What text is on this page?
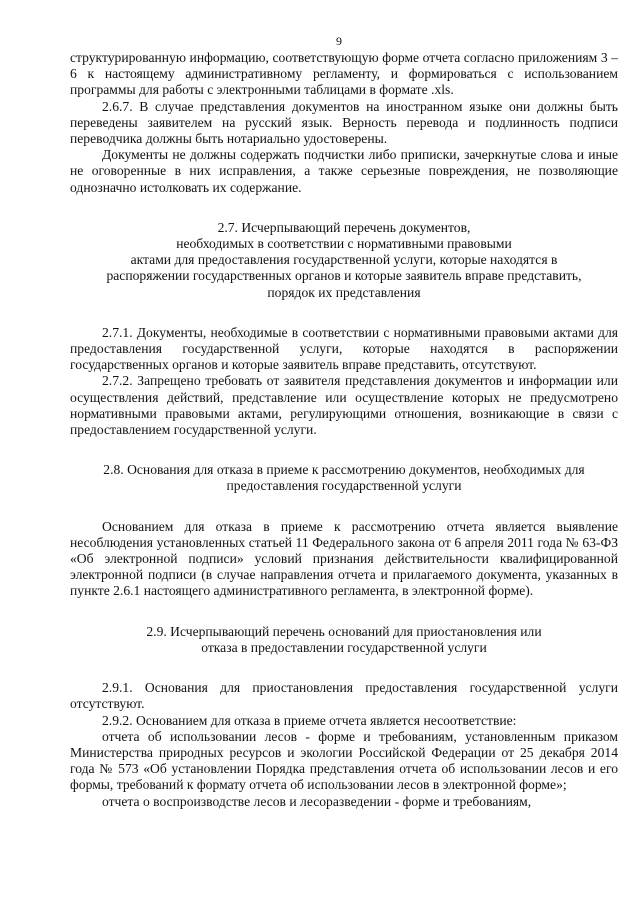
9

структурированную информацию, соответствующую форме отчета согласно приложениям 3 – 6 к настоящему административному регламенту, и формироваться с использованием программы для работы с электронными таблицами в формате .xls.

2.6.7. В случае представления документов на иностранном языке они должны быть переведены заявителем на русский язык. Верность перевода и подлинность подписи переводчика должны быть нотариально удостоверены.

Документы не должны содержать подчистки либо приписки, зачеркнутые слова и иные не оговоренные в них исправления, а также серьезные повреждения, не позволяющие однозначно истолковать их содержание.

2.7. Исчерпывающий перечень документов,

необходимых в соответствии с нормативными правовыми

актами для предоставления государственной услуги, которые находятся в

распоряжении государственных органов и которые заявитель вправе представить,

порядок их представления

2.7.1. Документы, необходимые в соответствии с нормативными правовыми актами для предоставления государственной услуги, которые находятся в распоряжении государственных органов и которые заявитель вправе представить, отсутствуют.

2.7.2. Запрещено требовать от заявителя представления документов и информации или осуществления действий, представление или осуществление которых не предусмотрено нормативными правовыми актами, регулирующими отношения, возникающие в связи с предоставлением государственной услуги.

2.8. Основания для отказа в приеме к рассмотрению документов, необходимых для

предоставления государственной услуги

Основанием для отказа в приеме к рассмотрению отчета является выявление несоблюдения установленных статьей 11 Федерального закона от 6 апреля 2011 года № 63-ФЗ «Об электронной подписи» условий признания действительности квалифицированной электронной подписи (в случае направления отчета и прилагаемого документа, указанных в пункте 2.6.1 настоящего административного регламента, в электронной форме).

2.9. Исчерпывающий перечень оснований для приостановления или

отказа в предоставлении государственной услуги

2.9.1. Основания для приостановления предоставления государственной услуги отсутствуют.

2.9.2. Основанием для отказа в приеме отчета является несоответствие:

отчета об использовании лесов - форме и требованиям, установленным приказом Министерства природных ресурсов и экологии Российской Федерации от 25 декабря 2014 года № 573 «Об установлении Порядка представления отчета об использовании лесов и его формы, требований к формату отчета об использовании лесов в электронной форме»;

отчета о воспроизводстве лесов и лесоразведении - форме и требованиям,
